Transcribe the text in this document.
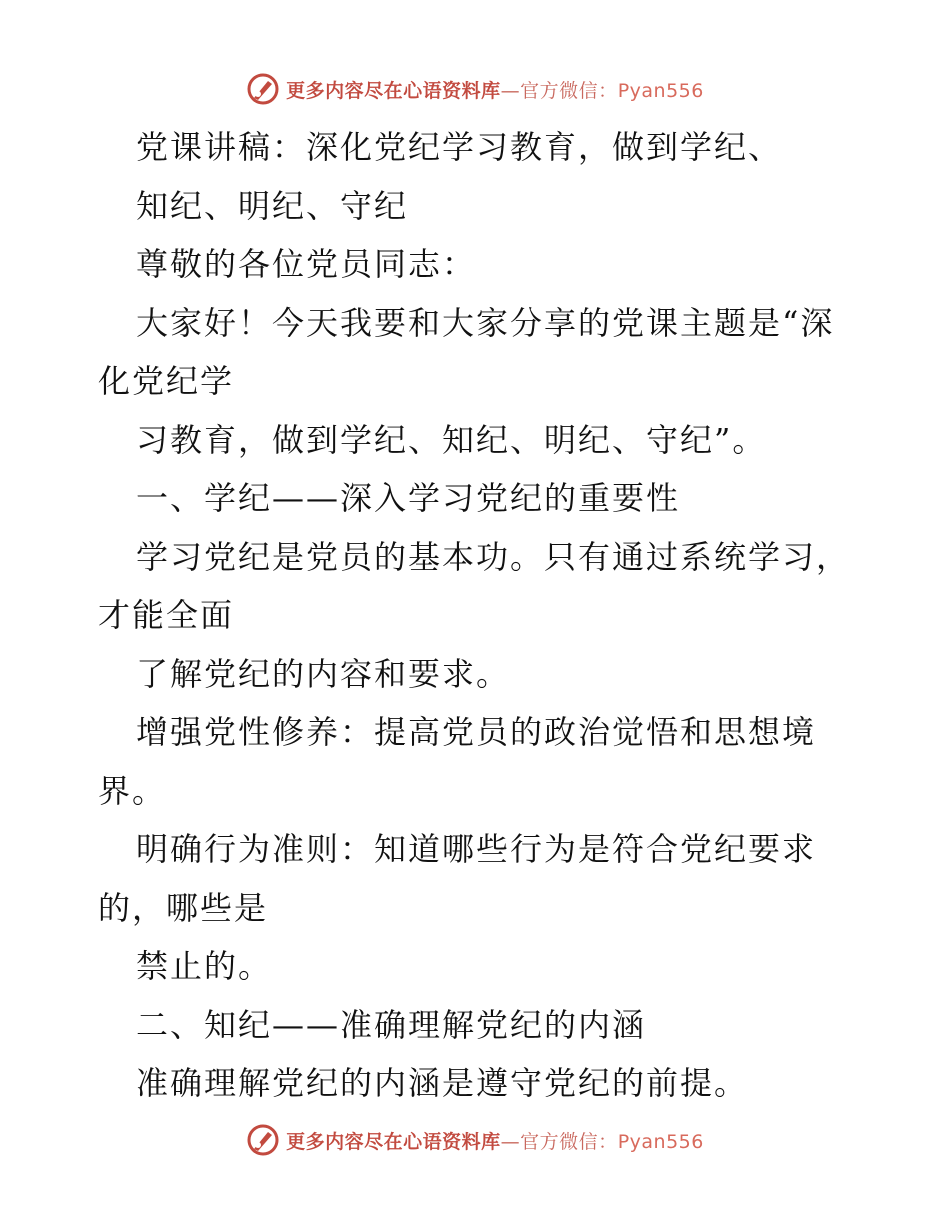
更多内容尽在心语资料库—官方微信：Pyan556
党课讲稿：深化党纪学习教育，做到学纪、
知纪、明纪、守纪
尊敬的各位党员同志：
大家好！今天我要和大家分享的党课主题是“深
化党纪学
习教育，做到学纪、知纪、明纪、守纪”。
一、学纪——深入学习党纪的重要性
学习党纪是党员的基本功。只有通过系统学习，
才能全面
了解党纪的内容和要求。
增强党性修养：提高党员的政治觉悟和思想境
界。
明确行为准则：知道哪些行为是符合党纪要求
的，哪些是
禁止的。
二、知纪——准确理解党纪的内涵
准确理解党纪的内涵是遵守党纪的前提。
更多内容尽在心语资料库—官方微信：Pyan556
